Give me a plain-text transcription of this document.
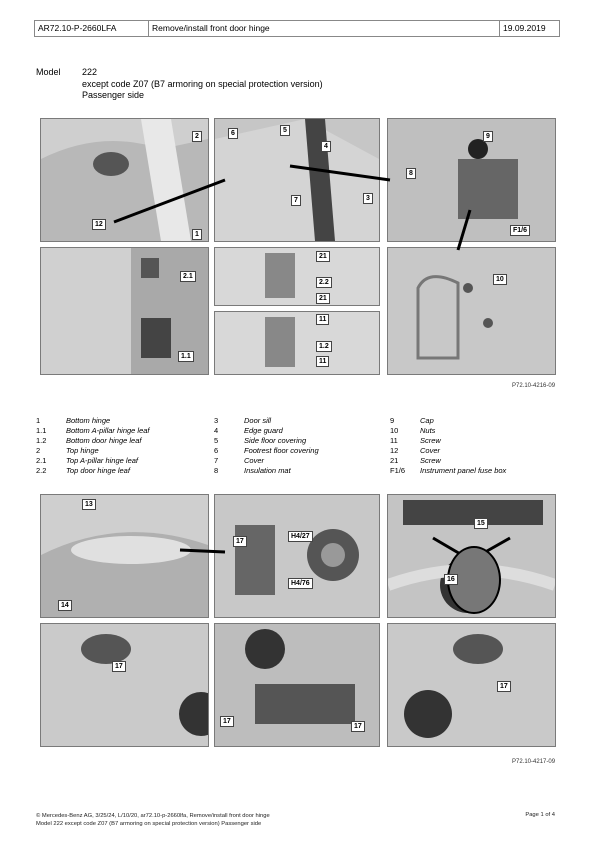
AR72.10-P-2660LFA	Remove/install front door hinge	19.09.2019
Model 222
except code Z07 (B7 armoring on special protection version)
Passenger side
2
12
1
6	5
4
7	3
9
8
F1/6
2.1
1.1
21
2.2
21
11
1.2
11
10
P72.10-4216-09
1	Bottom hinge
1.1	Bottom A-pillar hinge leaf
1.2	Bottom door hinge leaf
2	Top hinge
2.1	Top A-pillar hinge leaf
2.2	Top door hinge leaf
3	Door sill
4	Edge guard
5	Side floor covering
6	Footrest floor covering
7	Cover
8	Insulation mat
9	Cap
10	Nuts
11	Screw
12	Cover
21	Screw
F1/6	Instrument panel fuse box
13
14
17
H4/27
H4/76
15
16
17
17
17
17
P72.10-4217-09
© Mercedes-Benz AG, 3/25/24, L/10/20, ar72.10-p-2660lfa, Remove/install front door hinge
Model 222 except code Z07 (B7 armoring on special protection version) Passenger side
Page 1 of 4
